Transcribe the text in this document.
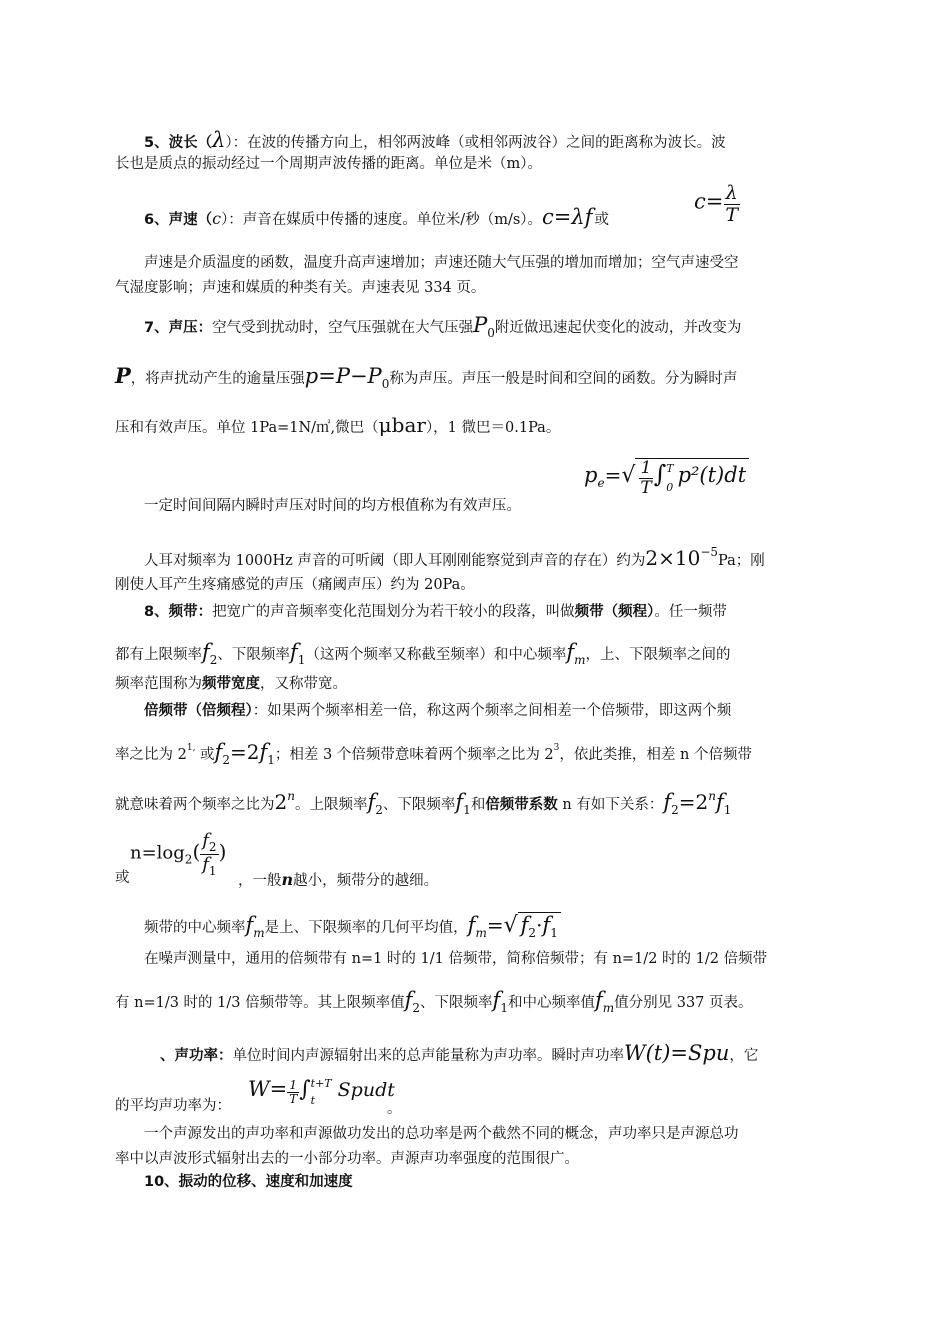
5、波长（λ）：在波的传播方向上，相邻两波峰（或相邻两波谷）之间的距离称为波长。波
长也是质点的振动经过一个周期声波传播的距离。单位是米（m）。
6、声速（c）：声音在媒质中传播的速度。单位米/秒（m/s）。c=λf 或
$c= \frac{\lambda}{T}$
声速是介质温度的函数，温度升高声速增加；声速还随大气压强的增加而增加；空气声速受空
气湿度影响；声速和媒质的种类有关。声速表见 334 页。
7、声压：空气受到扰动时，空气压强就在大气压强$P_0$附近做迅速起伏变化的波动，并改变为
P，将声扰动产生的逾量压强$p=P-P_0$称为声压。声压一般是时间和空间的函数。分为瞬时声
压和有效声压。单位 1Pa=1N/㎡,微巴（μbar），1 微巴＝0.1Pa。
一定时间间隔内瞬时声压对时间的均方根值称为有效声压。
$p_e=√ \frac{1}{T}$ ∫ T
0
p²(t)dt
人耳对频率为 1000Hz 声音的可听阈（即人耳刚刚能察觉到声音的存在）约为$2\times 10^{-5}Pa$；刚
刚使人耳产生疼痛感觉的声压（痛阈声压）约为 20Pa。
8、频带：把宽广的声音频率变化范围划分为若干较小的段落，叫做频带（频程）。任一频带
都有上限频率$f_2$、下限频率$f_1$（这两个频率又称截至频率）和中心频率$f_m$，上、下限频率之间的
频率范围称为频带宽度，又称带宽。
倍频带（倍频程）：如果两个频率相差一倍，称这两个频率之间相差一个倍频带，即这两个频
率之比为 $2^{1,}$ 或$f_2=2f_1$；相差 3 个倍频带意味着两个频率之比为 $2^3$，依此类推，相差 n 个倍频带
就意味着两个频率之比为2$^n$。上限频率$f_2$、下限频率$f_1$和倍频带系数 n 有如下关系：$f_2=2^nf_1$
或
$n=\log_2( \frac{f_2}{f_1}$ )
，一般n越小，频带分的越细。
频带的中心频率$f_m$是上、下限频率的几何平均值，$f_m=√$ $f_2\cdot f_1$
在噪声测量中，通用的倍频带有 n=1 时的 1/1 倍频带，简称倍频带；有 n=1/2 时的 1/2 倍频带
有 n=1/3 时的 1/3 倍频带等。其上限频率值$f_2$、下限频率$f_1$和中心频率值$f_m$值分别见 337 页表。
、声功率：单位时间内声源辐射出来的总声能量称为声功率。瞬时声功率W(t)=Spu，它
的平均声功率为：
$W= \frac{1}{T}$ ∫ t+T
t	Spudt
。
一个声源发出的声功率和声源做功发出的总功率是两个截然不同的概念，声功率只是声源总功
率中以声波形式辐射出去的一小部分功率。声源声功率强度的范围很广。
10、振动的位移、速度和加速度
